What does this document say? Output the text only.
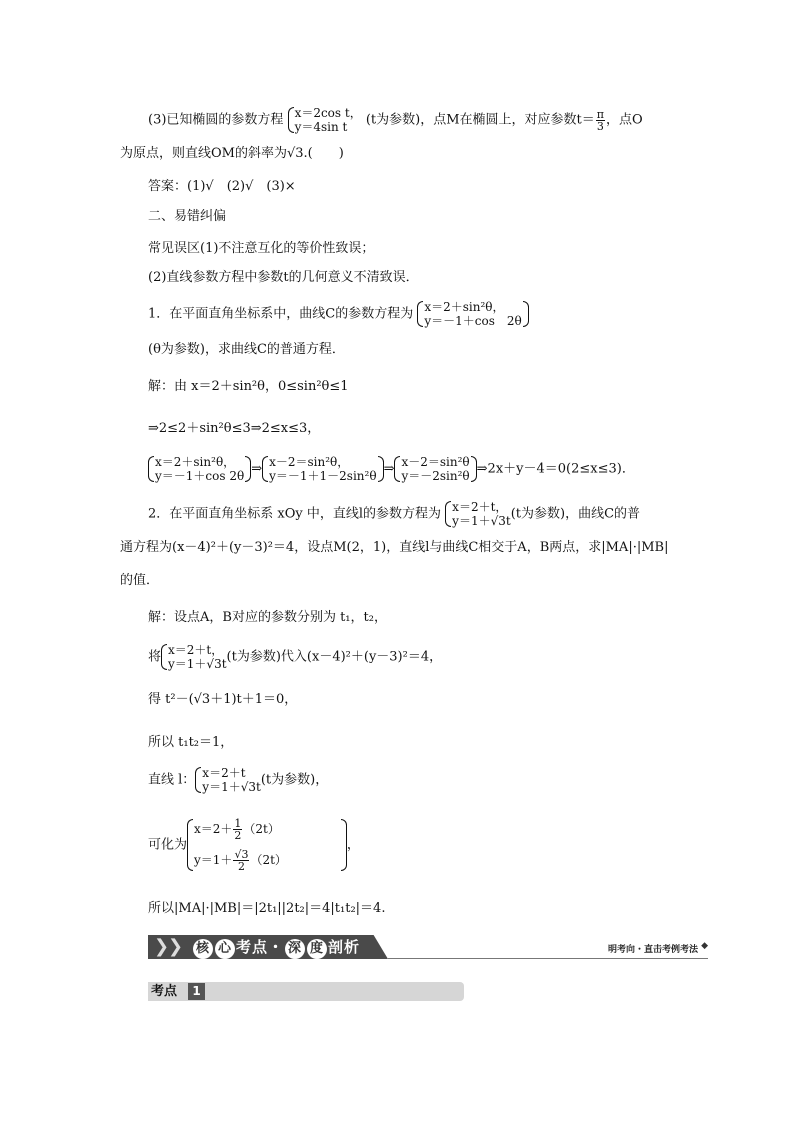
(3)已知椭圆的参数方程 x＝2cos t，
y＝4sin t	(t为参数)，点M在椭圆上，对应参数$t= \frac{\pi}{3}$ ，点O
为原点，则直线OM的斜率为√3.(　　)
答案：(1)√　(2)√　(3)×
二、易错纠偏
常见误区(1)不注意互化的等价性致误；
(2)直线参数方程中参数t的几何意义不清致误．
1．在平面直角坐标系中，曲线C的参数方程为 x＝2＋sin²θ，
y＝－1＋cos　2θ
(θ为参数)，求曲线C的普通方程．
解：由 x＝2＋sin²θ，0≤sin²θ≤1
⇒2≤2＋sin²θ≤3⇒2≤x≤3，
x＝2＋sin²θ，
y＝－1＋cos 2θ ⇒ x－2＝sin²θ，
y＝－1＋1－2sin²θ ⇒ x－2＝sin²θ
y＝－2sin²θ ⇒2x＋y－4＝0(2≤x≤3)．
2．在平面直角坐标系 xOy 中，直线l的参数方程为 x＝2＋t，
y＝1＋√3t (t为参数)，曲线C的普
通方程为(x－4)²＋(y－3)²＝4，设点M(2，1)，直线l与曲线C相交于A，B两点，求|MA|·|MB|
的值．
解：设点A，B对应的参数分别为 t₁，t₂，
将 x＝2＋t，
y＝1＋√3t (t为参数)代入(x－4)²＋(y－3)²＝4，
得 t²－(√3＋1)t＋1＝0，
所以 t₁t₂＝1，
直线 l： x＝2＋t
y＝1＋√3t (t为参数)，
可化为
$x=2+ \frac{1}{2} (2t)$
$y=1+ \frac{√3}{2} (2t)$
，
所以|MA|·|MB|＝|2t₁||2t₂|＝4|t₁t₂|＝4.
❯
❯ 核 心 考点・ 深 度 剖析	明考向・直击考例考法 ◆
考点	1
